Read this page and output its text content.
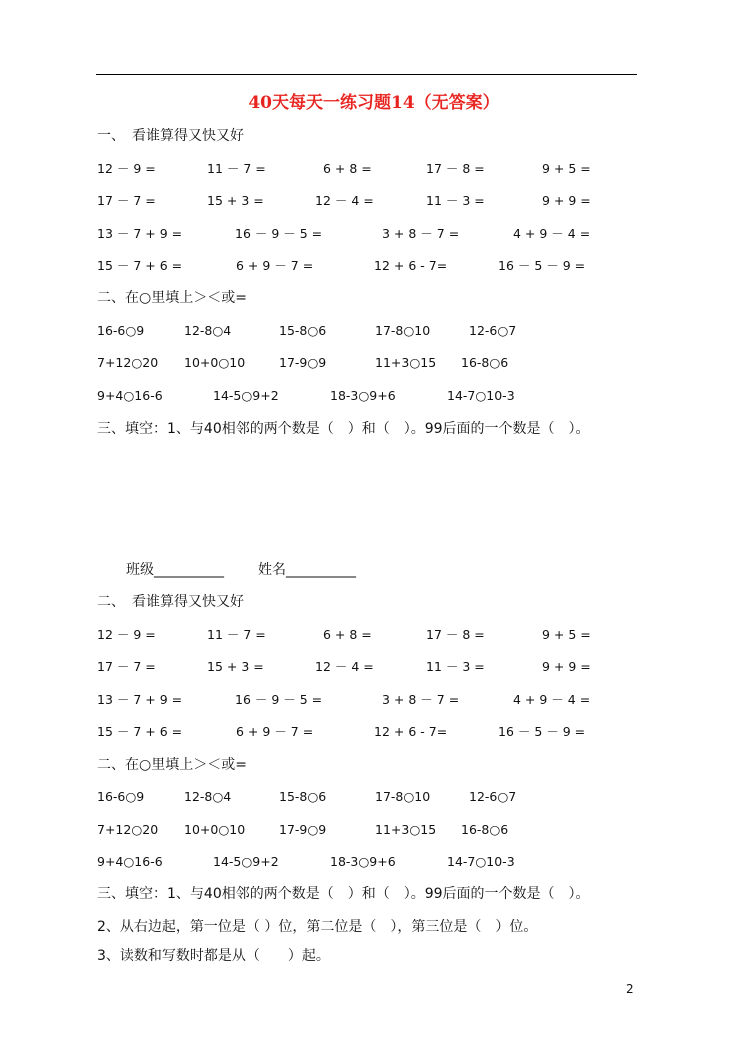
40天每天一练习题14（无答案）
一、　看谁算得又快又好
12 － 9 =	11 － 7 =	6 + 8 =	17 － 8 =	9 + 5 =
17 － 7 =	15 + 3 =	12 － 4 =	11 － 3 =	9 + 9 =
13 － 7 + 9 =	16 － 9 － 5 =	3 + 8 － 7 =	4 + 9 － 4 =
15 － 7 + 6 =	6 + 9 － 7 =	12 + 6 - 7=	16 － 5 － 9 =
二、在○里填上＞＜或=
16-6○9	12-8○4	15-8○6	17-8○10	12-6○7
7+12○20 10+0○10	17-9○9	11+3○15 16-8○6
9+4○16-6	14-5○9+2	18-3○9+6	14-7○10-3
三、填空：1、与40相邻的两个数是（　）和（　）。99后面的一个数是（　）。
班级__________ 姓名__________
二、　看谁算得又快又好
12 － 9 =	11 － 7 =	6 + 8 =	17 － 8 =	9 + 5 =
17 － 7 =	15 + 3 =	12 － 4 =	11 － 3 =	9 + 9 =
13 － 7 + 9 =	16 － 9 － 5 =	3 + 8 － 7 =	4 + 9 － 4 =
15 － 7 + 6 =	6 + 9 － 7 =	12 + 6 - 7=	16 － 5 － 9 =
二、在○里填上＞＜或=
16-6○9	12-8○4	15-8○6	17-8○10	12-6○7
7+12○20 10+0○10	17-9○9	11+3○15 16-8○6
9+4○16-6	14-5○9+2	18-3○9+6	14-7○10-3
三、填空：1、与40相邻的两个数是（　）和（　）。99后面的一个数是（　）。
2、从右边起，第一位是（ ）位，第二位是（　），第三位是（　）位。
3、读数和写数时都是从（　　）起。
2
